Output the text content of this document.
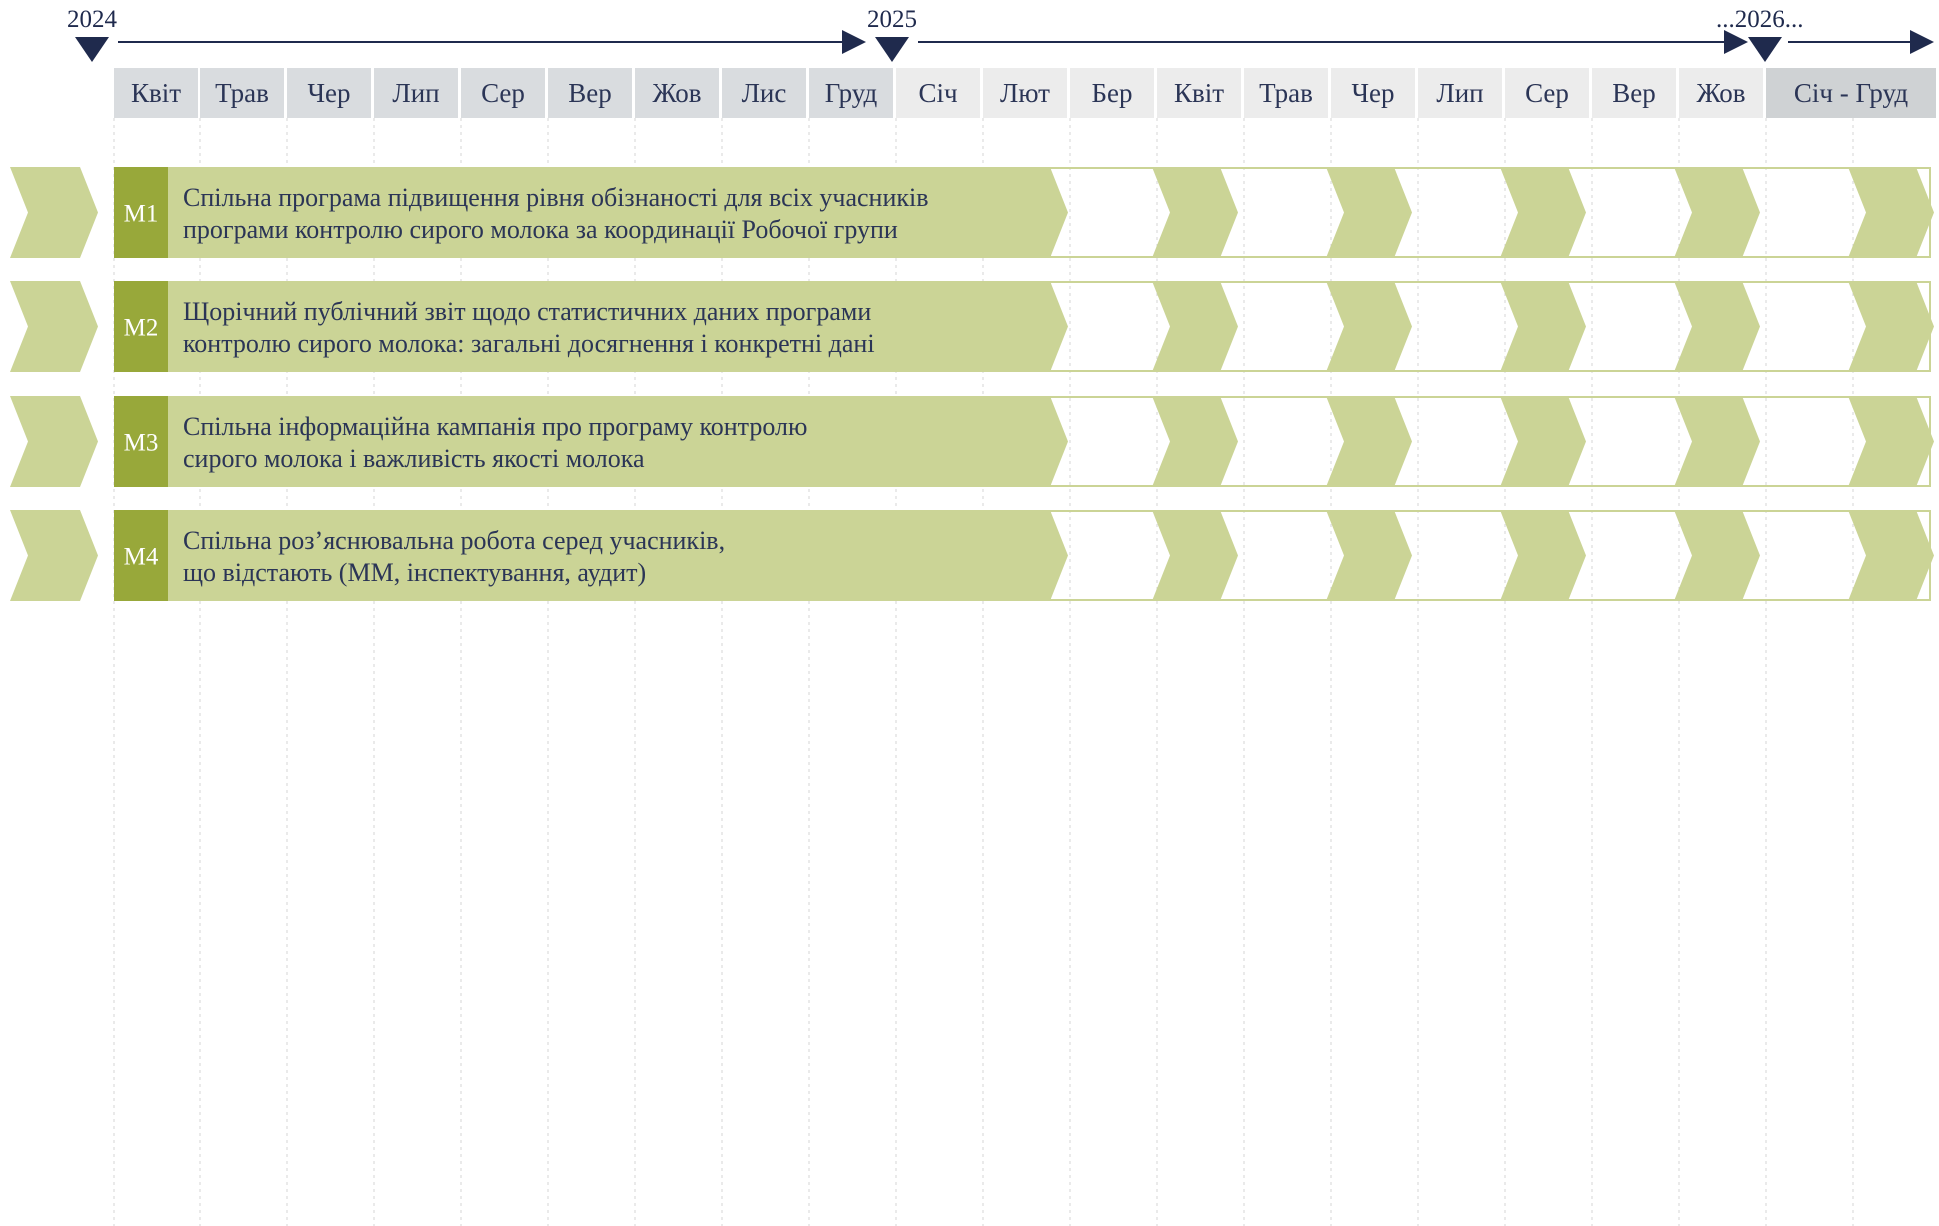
2024	2025	...2026...
Квіт Трав Чер Лип Сер Вер Жов Лис Груд Січ Лют Бер Квіт Трав Чер Лип Сер Вер Жов Січ - Груд
M1
Спільна програма підвищення рівня обізнаності для всіх учасників
програми контролю сирого молока за координації Робочої групи
M2
Щорічний публічний звіт щодо статистичних даних програми
контролю сирого молока: загальні досягнення і конкретні дані
M3
Спільна інформаційна кампанія про програму контролю
сирого молока і важливість якості молока
M4
Спільна роз’яснювальна робота серед учасників,
що відстають (ММ, інспектування, аудит)
